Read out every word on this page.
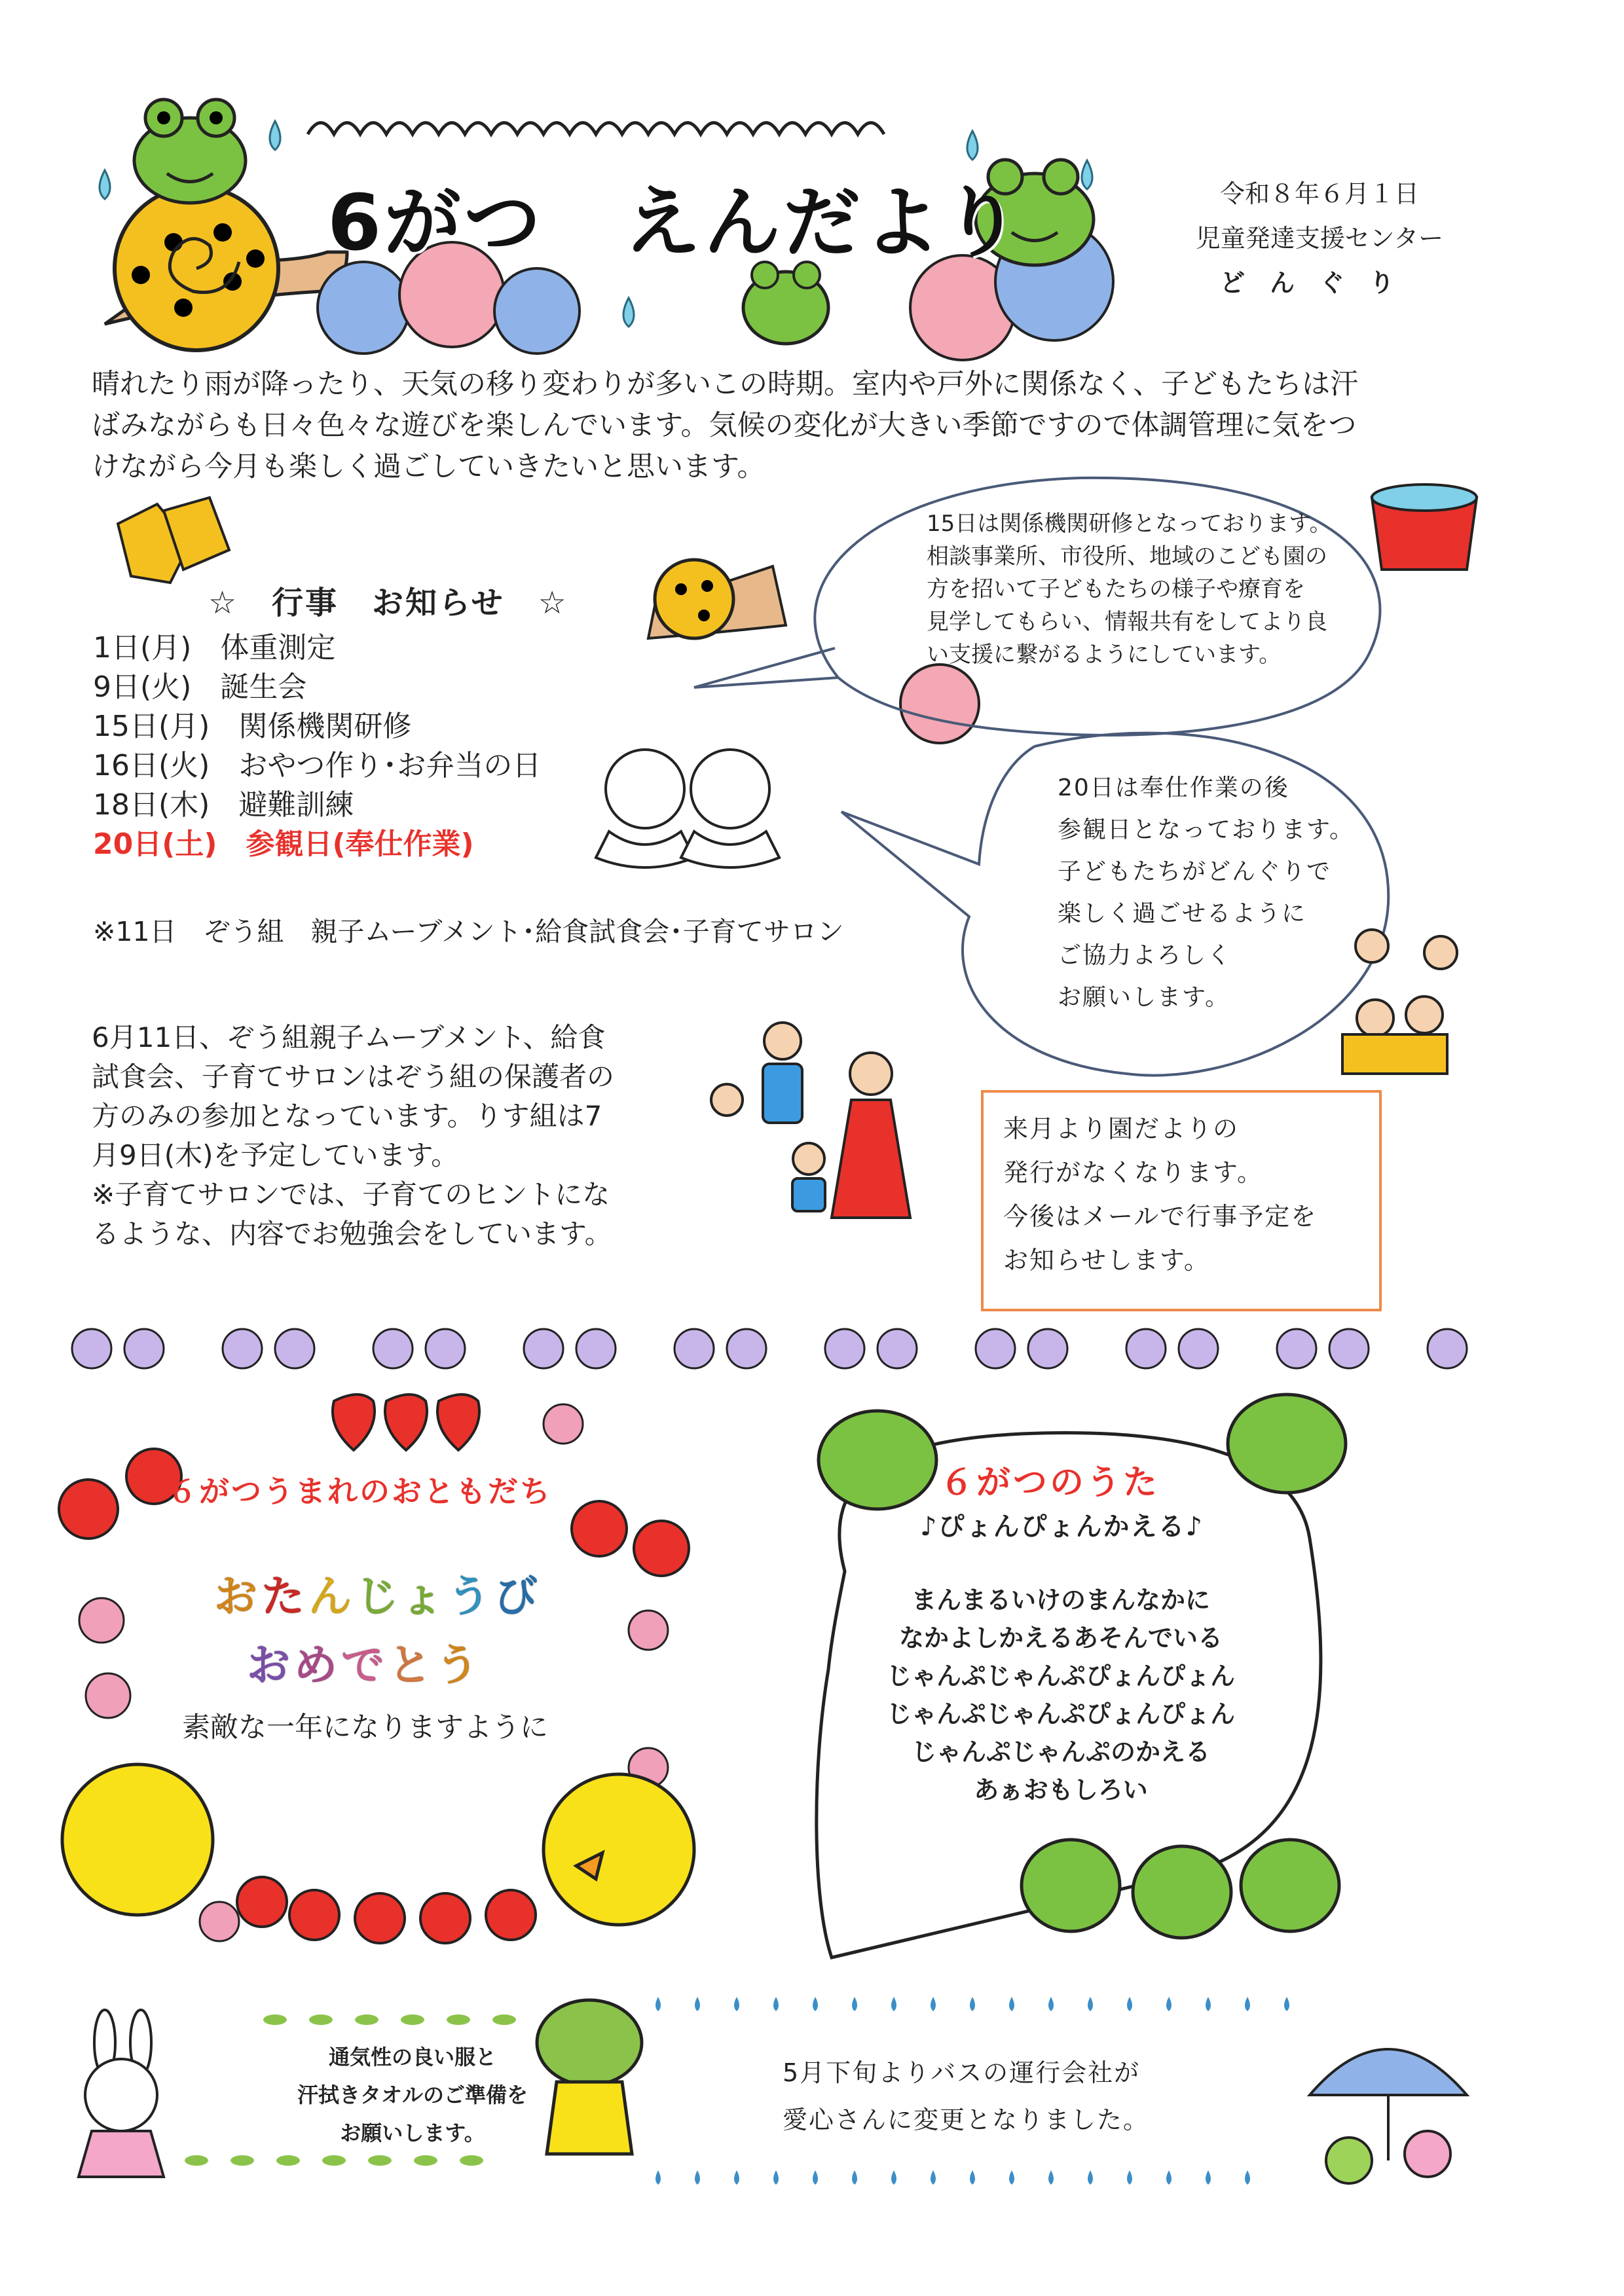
6がつ　えんだより	令和８年６月１日
児童発達支援センター
どんぐり
晴れたり雨が降ったり、天気の移り変わりが多いこの時期。室内や戸外に関係なく、子どもたちは汗
ばみながらも日々色々な遊びを楽しんでいます。気候の変化が大きい季節ですので体調管理に気をつ
けながら今月も楽しく過ごしていきたいと思います。
☆　行事　お知らせ　☆
1日(月)　体重測定
9日(火)　誕生会
15日(月)　関係機関研修
16日(火)　おやつ作り･お弁当の日
18日(木)　避難訓練
20日(土)　参観日(奉仕作業)
※11日　ぞう組　親子ムーブメント･給食試食会･子育てサロン
15日は関係機関研修となっております。
相談事業所、市役所、地域のこども園の
方を招いて子どもたちの様子や療育を
見学してもらい、情報共有をしてより良
い支援に繋がるようにしています。
20日は奉仕作業の後
参観日となっております。
子どもたちがどんぐりで
楽しく過ごせるように
ご協力よろしく
お願いします。
6月11日、ぞう組親子ムーブメント、給食
試食会、子育てサロンはぞう組の保護者の
方のみの参加となっています。りす組は7
月9日(木)を予定しています。
※子育てサロンでは、子育てのヒントにな
るような、内容でお勉強会をしています。
来月より園だよりの
発行がなくなります。
今後はメールで行事予定を
お知らせします。
６がつうまれのおともだち
おたんじょうび
おめでとう
素敵な一年になりますように
６がつのうた
♪ぴょんぴょんかえる♪
まんまるいけのまんなかに
なかよしかえるあそんでいる
じゃんぷじゃんぷぴょんぴょん
じゃんぷじゃんぷぴょんぴょん
じゃんぷじゃんぷのかえる
あぁおもしろい
通気性の良い服と
汗拭きタオルのご準備を
お願いします。
5月下旬よりバスの運行会社が
愛心さんに変更となりました。
